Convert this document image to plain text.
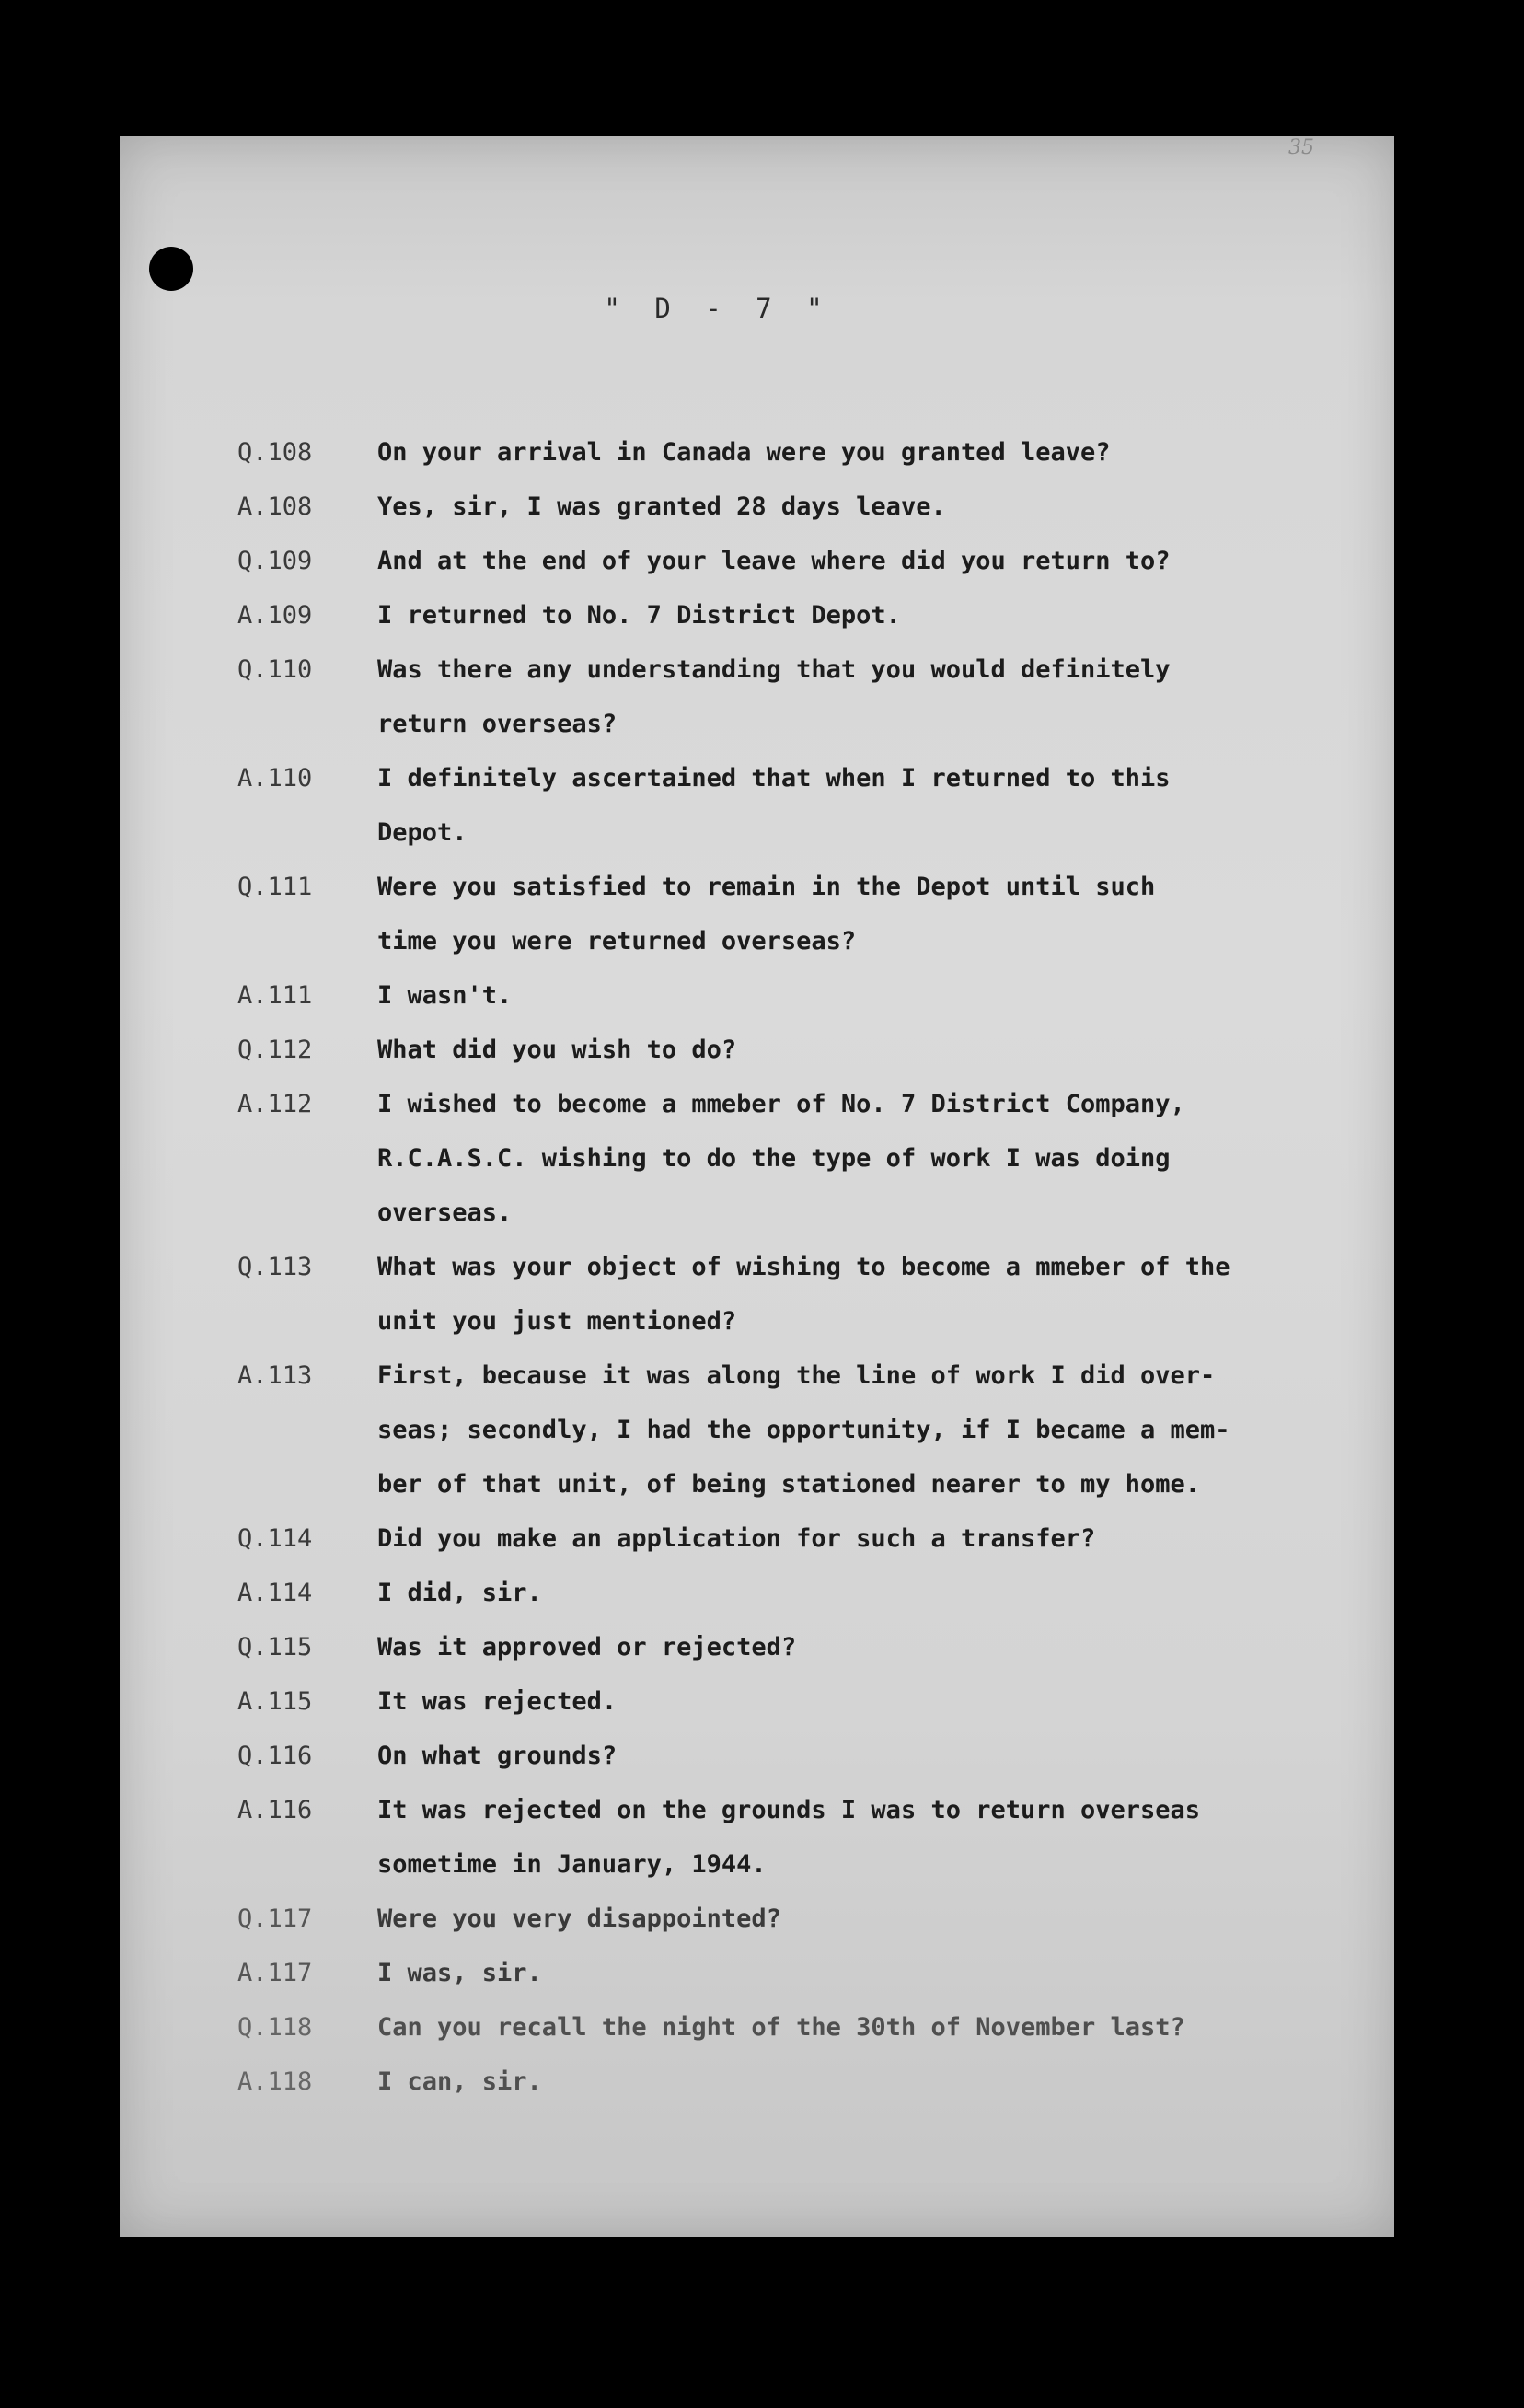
35
" D - 7 "
Q.108	On your arrival in Canada were you granted leave?
A.108	Yes, sir, I was granted 28 days leave.
Q.109	And at the end of your leave where did you return to?
A.109	I returned to No. 7 District Depot.
Q.110	Was there any understanding that you would definitely
return overseas?
A.110	I definitely ascertained that when I returned to this
Depot.
Q.111	Were you satisfied to remain in the Depot until such
time you were returned overseas?
A.111	I wasn't.
Q.112	What did you wish to do?
A.112	I wished to become a mmeber of No. 7 District Company,
R.C.A.S.C. wishing to do the type of work I was doing
overseas.
Q.113	What was your object of wishing to become a mmeber of the
unit you just mentioned?
A.113	First, because it was along the line of work I did over-
seas; secondly, I had the opportunity, if I became a mem-
ber of that unit, of being stationed nearer to my home.
Q.114	Did you make an application for such a transfer?
A.114	I did, sir.
Q.115	Was it approved or rejected?
A.115	It was rejected.
Q.116	On what grounds?
A.116	It was rejected on the grounds I was to return overseas
sometime in January, 1944.
Q.117	Were you very disappointed?
A.117	I was, sir.
Q.118	Can you recall the night of the 30th of November last?
A.118	I can, sir.
